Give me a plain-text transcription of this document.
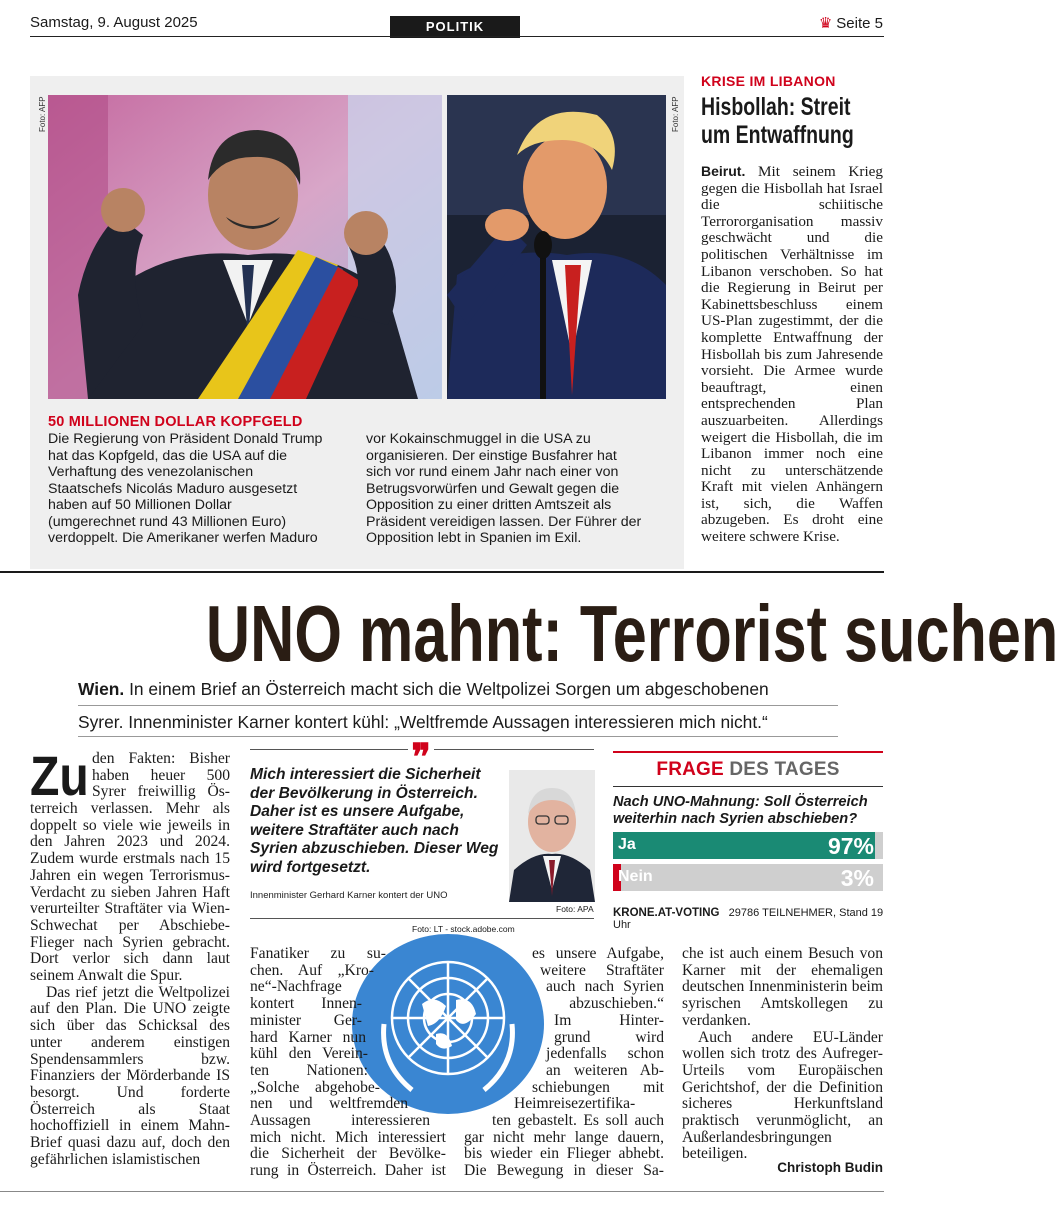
Samstag, 9. August 2025	POLITIK	♛ Seite 5
Foto: AFP	Foto: AFP
50 MILLIONEN DOLLAR KOPFGELD
Die Regierung von Präsident Donald Trump
hat das Kopfgeld, das die USA auf die
Verhaftung des venezolanischen
Staatschefs Nicolás Maduro ausgesetzt
haben auf 50 Millionen Dollar
(umgerechnet rund 43 Millionen Euro)
verdoppelt. Die Amerikaner werfen Maduro
vor Kokainschmuggel in die USA zu
organisieren. Der einstige Busfahrer hat
sich vor rund einem Jahr nach einer von
Betrugsvorwürfen und Gewalt gegen die
Opposition zu einer dritten Amtszeit als
Präsident vereidigen lassen. Der Führer der
Opposition lebt in Spanien im Exil.
KRISE IM LIBANON
Hisbollah: Streit
um Entwaffnung
Beirut. Mit seinem Krieg gegen die Hisbollah hat Israel die schiitische Terrororganisation massiv geschwächt und die politischen Verhältnisse im Libanon verschoben. So hat die Regierung in Beirut per Kabinettsbeschluss einem US-Plan zugestimmt, der die komplette Entwaffnung der Hisbollah bis zum Jahresende vorsieht. Die Armee wurde beauftragt, einen entsprechenden Plan auszuarbeiten. Allerdings weigert die Hisbollah, die im Libanon immer noch eine nicht zu unterschätzende Kraft mit vielen Anhängern ist, sich, die Waffen abzugeben. Es droht eine weitere schwere Krise.
UNO mahnt: Terrorist suchen
Wien. In einem Brief an Österreich macht sich die Weltpolizei Sorgen um abgeschobenen
Syrer. Innenminister Karner kontert kühl: „Weltfremde Aussagen interessieren mich nicht.“
Zu den Fakten: Bisher
haben heuer 500
Syrer freiwillig Ös-
terreich verlassen. Mehr als doppelt so viele wie jeweils in den Jahren 2023 und 2024. Zudem wurde erstmals nach 15 Jahren ein wegen Terrorismus-Verdacht zu sieben Jahren Haft verurteilter Straftäter via Wien-Schwechat per Abschiebe-Flieger nach Syrien gebracht. Dort verlor sich dann laut seinem Anwalt die Spur.
Das rief jetzt die Weltpolizei auf den Plan. Die UNO zeigte sich über das Schicksal des unter anderem einstigen Spendensammlers bzw. Finanziers der Mörderbande IS besorgt. Und forderte Österreich als Staat hochoffiziell in einem Mahn-Brief quasi dazu auf, doch den gefährlichen islamistischen
❞
Mich interessiert die Sicherheit der Bevölkerung in Österreich. Daher ist es unsere Aufgabe, weitere Straftäter auch nach Syrien abzuschieben. Dieser Weg wird fortgesetzt.
Innenminister Gerhard Karner kontert der UNO
Foto: APA
Foto: LT - stock.adobe.com
Fanatiker zu su-
chen. Auf „Kro-
ne“-Nachfrage
kontert Innen-
minister Ger-
hard Karner nun
kühl den Verein-
ten Nationen:
„Solche abgehobe-
nen und weltfremden
Aussagen interessieren
mich nicht. Mich interessiert
die Sicherheit der Bevölke-
rung in Österreich. Daher ist
es unsere Aufgabe,
weitere Straftäter
auch nach Syrien
abzuschieben.“
Im Hinter-
grund wird
jedenfalls schon
an weiteren Ab-
schiebungen mit
Heimreisezertifika-
ten gebastelt. Es soll auch
gar nicht mehr lange dauern,
bis wieder ein Flieger abhebt.
Die Bewegung in dieser Sa-
che ist auch einem Besuch von Karner mit der ehemaligen deutschen Innenministerin beim syrischen Amtskollegen zu verdanken.
Auch andere EU-Länder wollen sich trotz des Aufreger-Urteils vom Europäischen Gerichtshof, der die Definition sicheres Herkunftsland praktisch verunmöglicht, an Außerlandesbringungen beteiligen.
Christoph Budin
FRAGE DES TAGES
Nach UNO-Mahnung: Soll Österreich weiterhin nach Syrien abschieben?
Ja	97%
Nein	3%
KRONE.AT-VOTING 29786 TEILNEHMER, Stand 19 Uhr
